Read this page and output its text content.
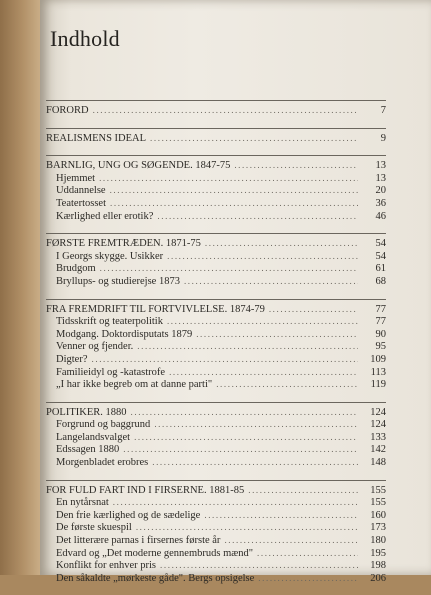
Indhold
FORORD .....	7
REALISMENS IDEAL .....	9
BARNLIG, UNG OG SØGENDE. 1847-75 .....	13
Hjemmet .....	13
Uddannelse .....	20
Teatertosset .....	36
Kærlighed eller erotik? .....	46
FØRSTE FREMTRÆDEN. 1871-75 .....	54
I Georgs skygge. Usikker .....	54
Brudgom .....	61
Bryllups- og studierejse 1873 .....	68
FRA FREMDRIFT TIL FORTVIVLELSE. 1874-79 .....	77
Tidsskrift og teaterpolitik .....	77
Modgang. Doktordisputats 1879 .....	90
Venner og fjender. .....	95
Digter? .....	109
Familieidyl og -katastrofe .....	113
„I har ikke begreb om at danne parti" .....	119
POLITIKER. 1880 .....	124
Forgrund og baggrund .....	124
Langelandsvalget .....	133
Edssagen 1880 .....	142
Morgenbladet erobres .....	148
FOR FULD FART IND I FIRSERNE. 1881-85 .....	155
En nytårsnat .....	155
Den frie kærlighed og de sædelige .....	160
De første skuespil .....	173
Det litterære parnas i firsernes første år .....	180
Edvard og „Det moderne gennembruds mænd" .....	195
Konflikt for enhver pris .....	198
Den såkaldte „mørkeste gåde". Bergs opsigelse .....	206
